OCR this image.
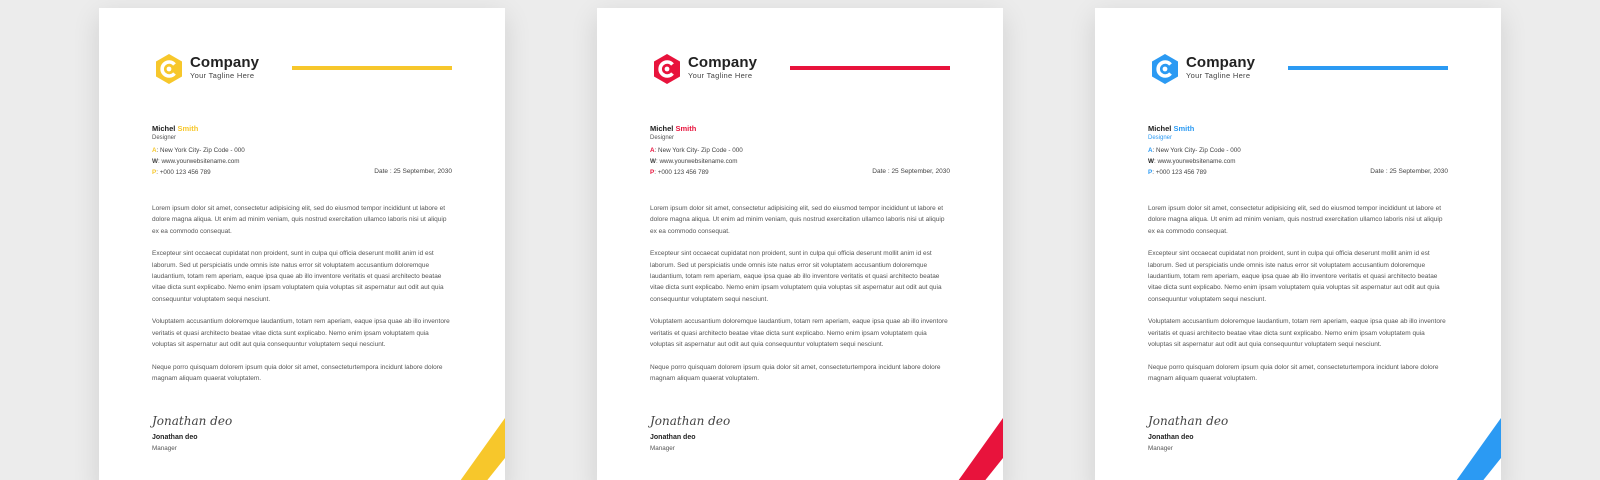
Company
Your Tagline Here
Michel Smith
Designer
A: New York City- Zip Code - 000
W: www.yourwebsitename.com
P: +000 123 456 789	Date : 25 September, 2030

Lorem ipsum dolor sit amet, consectetur adipisicing elit, sed do eiusmod tempor incididunt ut labore et dolore magna aliqua. Ut enim ad minim veniam, quis nostrud exercitation ullamco laboris nisi ut aliquip ex ea commodo consequat.

Excepteur sint occaecat cupidatat non proident, sunt in culpa qui officia deserunt mollit anim id est laborum. Sed ut perspiciatis unde omnis iste natus error sit voluptatem accusantium doloremque laudantium, totam rem aperiam, eaque ipsa quae ab illo inventore veritatis et quasi architecto beatae vitae dicta sunt explicabo. Nemo enim ipsam voluptatem quia voluptas sit aspernatur aut odit aut quia consequuntur voluptatem sequi nesciunt.

Voluptatem accusantium doloremque laudantium, totam rem aperiam, eaque ipsa quae ab illo inventore veritatis et quasi architecto beatae vitae dicta sunt explicabo. Nemo enim ipsam voluptatem quia voluptas sit aspernatur aut odit aut quia consequuntur voluptatem sequi nesciunt.

Neque porro quisquam dolorem ipsum quia dolor sit amet, consecteturtempora incidunt labore dolore magnam aliquam quaerat voluptatem.

Jonathan deo
Jonathan deo
Manager
Company
Your Tagline Here
Michel Smith
Designer
A: New York City- Zip Code - 000
W: www.yourwebsitename.com
P: +000 123 456 789	Date : 25 September, 2030

Lorem ipsum dolor sit amet, consectetur adipisicing elit, sed do eiusmod tempor incididunt ut labore et dolore magna aliqua. Ut enim ad minim veniam, quis nostrud exercitation ullamco laboris nisi ut aliquip ex ea commodo consequat.

Excepteur sint occaecat cupidatat non proident, sunt in culpa qui officia deserunt mollit anim id est laborum. Sed ut perspiciatis unde omnis iste natus error sit voluptatem accusantium doloremque laudantium, totam rem aperiam, eaque ipsa quae ab illo inventore veritatis et quasi architecto beatae vitae dicta sunt explicabo. Nemo enim ipsam voluptatem quia voluptas sit aspernatur aut odit aut quia consequuntur voluptatem sequi nesciunt.

Voluptatem accusantium doloremque laudantium, totam rem aperiam, eaque ipsa quae ab illo inventore veritatis et quasi architecto beatae vitae dicta sunt explicabo. Nemo enim ipsam voluptatem quia voluptas sit aspernatur aut odit aut quia consequuntur voluptatem sequi nesciunt.

Neque porro quisquam dolorem ipsum quia dolor sit amet, consecteturtempora incidunt labore dolore magnam aliquam quaerat voluptatem.

Jonathan deo
Jonathan deo
Manager
Company
Your Tagline Here
Michel Smith
Designer
A: New York City- Zip Code - 000
W: www.yourwebsitename.com
P: +000 123 456 789	Date : 25 September, 2030

Lorem ipsum dolor sit amet, consectetur adipisicing elit, sed do eiusmod tempor incididunt ut labore et dolore magna aliqua. Ut enim ad minim veniam, quis nostrud exercitation ullamco laboris nisi ut aliquip ex ea commodo consequat.

Excepteur sint occaecat cupidatat non proident, sunt in culpa qui officia deserunt mollit anim id est laborum. Sed ut perspiciatis unde omnis iste natus error sit voluptatem accusantium doloremque laudantium, totam rem aperiam, eaque ipsa quae ab illo inventore veritatis et quasi architecto beatae vitae dicta sunt explicabo. Nemo enim ipsam voluptatem quia voluptas sit aspernatur aut odit aut quia consequuntur voluptatem sequi nesciunt.

Voluptatem accusantium doloremque laudantium, totam rem aperiam, eaque ipsa quae ab illo inventore veritatis et quasi architecto beatae vitae dicta sunt explicabo. Nemo enim ipsam voluptatem quia voluptas sit aspernatur aut odit aut quia consequuntur voluptatem sequi nesciunt.

Neque porro quisquam dolorem ipsum quia dolor sit amet, consecteturtempora incidunt labore dolore magnam aliquam quaerat voluptatem.

Jonathan deo
Jonathan deo
Manager
